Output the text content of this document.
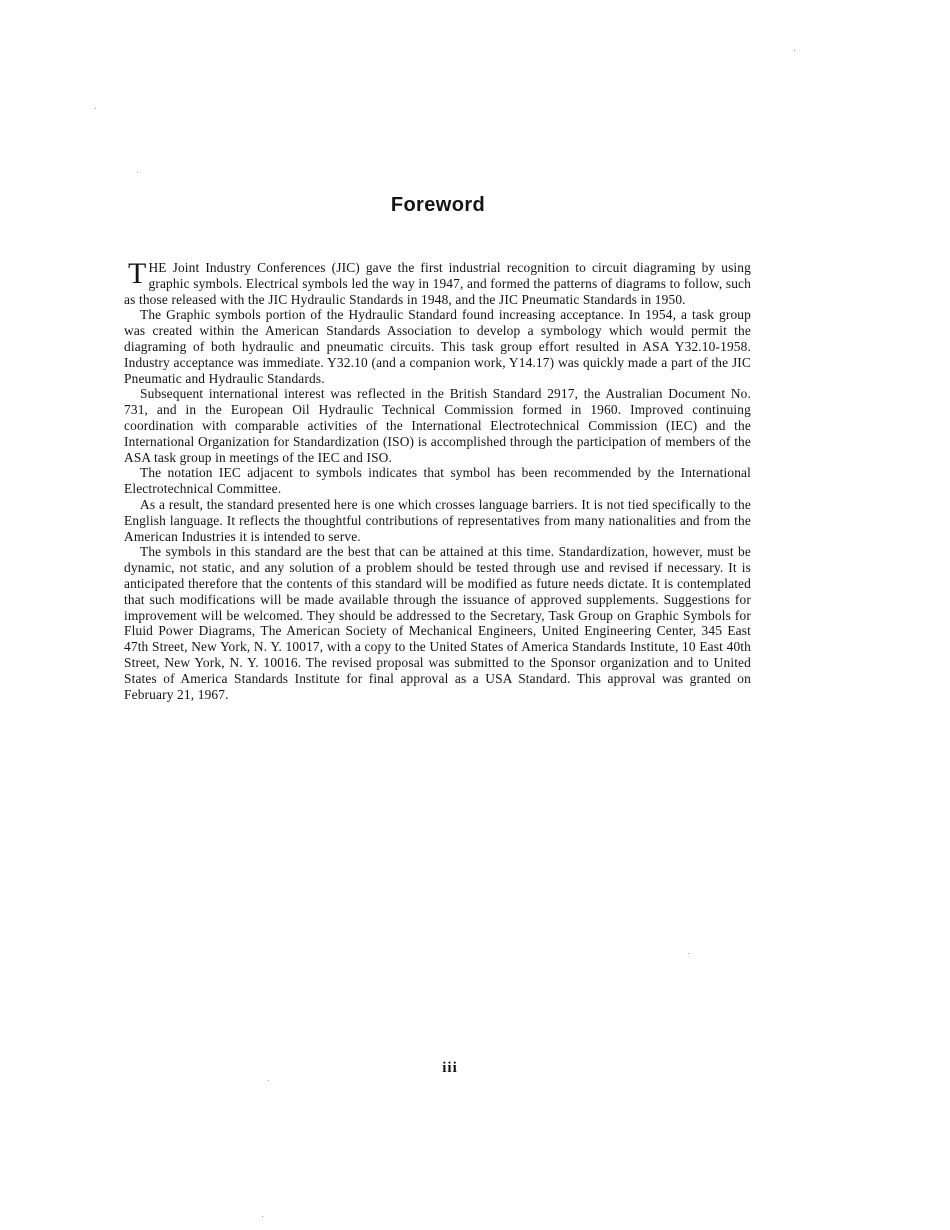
Foreword

THE Joint Industry Conferences (JIC) gave the first industrial recognition to circuit diagraming by using graphic symbols. Electrical symbols led the way in 1947, and formed the patterns of diagrams to follow, such as those released with the JIC Hydraulic Standards in 1948, and the JIC Pneumatic Standards in 1950.

The Graphic symbols portion of the Hydraulic Standard found increasing acceptance. In 1954, a task group was created within the American Standards Association to develop a symbology which would permit the diagraming of both hydraulic and pneumatic circuits. This task group effort resulted in ASA Y32.10-1958. Industry acceptance was immediate. Y32.10 (and a companion work, Y14.17) was quickly made a part of the JIC Pneumatic and Hydraulic Standards.

Subsequent international interest was reflected in the British Standard 2917, the Australian Document No. 731, and in the European Oil Hydraulic Technical Commission formed in 1960. Improved continuing coordination with comparable activities of the International Electrotechnical Commission (IEC) and the International Organization for Standardization (ISO) is accomplished through the participation of members of the ASA task group in meetings of the IEC and ISO.

The notation IEC adjacent to symbols indicates that symbol has been recommended by the International Electrotechnical Committee.

As a result, the standard presented here is one which crosses language barriers. It is not tied specifically to the English language. It reflects the thoughtful contributions of representatives from many nationalities and from the American Industries it is intended to serve.

The symbols in this standard are the best that can be attained at this time. Standardization, however, must be dynamic, not static, and any solution of a problem should be tested through use and revised if necessary. It is anticipated therefore that the contents of this standard will be modified as future needs dictate. It is contemplated that such modifications will be made available through the issuance of approved supplements. Suggestions for improvement will be welcomed. They should be addressed to the Secretary, Task Group on Graphic Symbols for Fluid Power Diagrams, The American Society of Mechanical Engineers, United Engineering Center, 345 East 47th Street, New York, N. Y. 10017, with a copy to the United States of America Standards Institute, 10 East 40th Street, New York, N. Y. 10016. The revised proposal was submitted to the Sponsor organization and to United States of America Standards Institute for final approval as a USA Standard. This approval was granted on February 21, 1967.

iii
